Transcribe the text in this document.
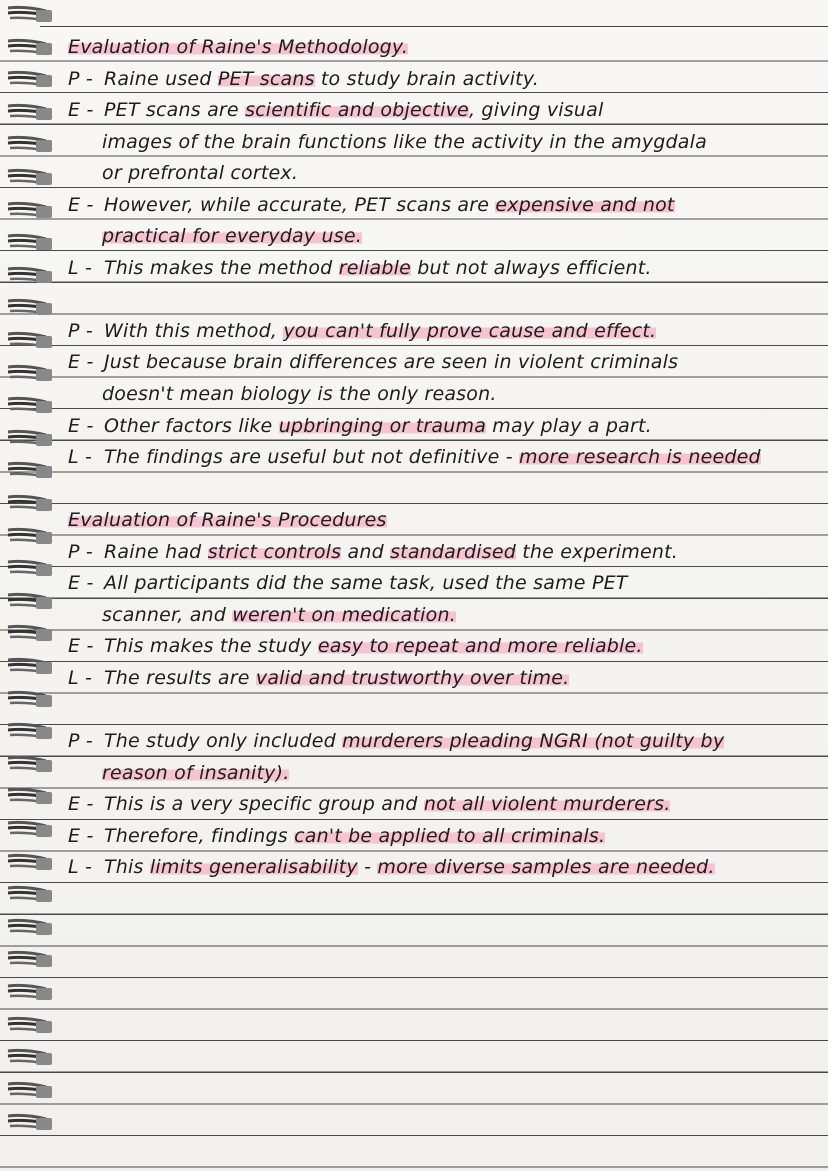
Evaluation of Raine's Methodology.
P - Raine used PET scans to study brain activity.
E - PET scans are scientific and objective, giving visual
images of the brain functions like the activity in the amygdala
or prefrontal cortex.
E - However, while accurate, PET scans are expensive and not
practical for everyday use.
L - This makes the method reliable but not always efficient.
P - With this method, you can't fully prove cause and effect.
E - Just because brain differences are seen in violent criminals
doesn't mean biology is the only reason.
E - Other factors like upbringing or trauma may play a part.
L - The findings are useful but not definitive - more research is needed
Evaluation of Raine's Procedures
P - Raine had strict controls and standardised the experiment.
E - All participants did the same task, used the same PET
scanner, and weren't on medication.
E - This makes the study easy to repeat and more reliable.
L - The results are valid and trustworthy over time.
P - The study only included murderers pleading NGRI (not guilty by
reason of insanity).
E - This is a very specific group and not all violent murderers.
E - Therefore, findings can't be applied to all criminals.
L - This limits generalisability - more diverse samples are needed.
